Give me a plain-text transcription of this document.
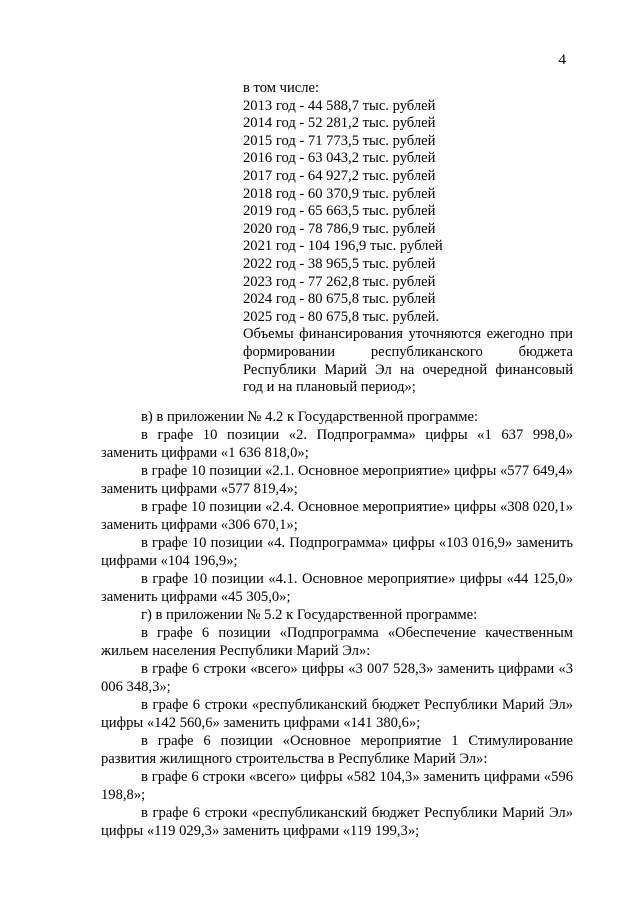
4
в том числе:
2013 год - 44 588,7 тыс. рублей
2014 год - 52 281,2 тыс. рублей
2015 год - 71 773,5 тыс. рублей
2016 год - 63 043,2 тыс. рублей
2017 год - 64 927,2 тыс. рублей
2018 год - 60 370,9 тыс. рублей
2019 год - 65 663,5 тыс. рублей
2020 год - 78 786,9 тыс. рублей
2021 год - 104 196,9 тыс. рублей
2022 год - 38 965,5 тыс. рублей
2023 год - 77 262,8 тыс. рублей
2024 год - 80 675,8 тыс. рублей
2025 год - 80 675,8 тыс. рублей.
Объемы финансирования уточняются ежегодно при формировании республиканского бюджета Республики Марий Эл на очередной финансовый год и на плановый период»;
в) в приложении № 4.2 к Государственной программе:
в графе 10 позиции «2. Подпрограмма» цифры «1 637 998,0» заменить цифрами «1 636 818,0»;
в графе 10 позиции «2.1. Основное мероприятие» цифры «577 649,4» заменить цифрами «577 819,4»;
в графе 10 позиции «2.4. Основное мероприятие» цифры «308 020,1» заменить цифрами «306 670,1»;
в графе 10 позиции «4. Подпрограмма» цифры «103 016,9» заменить цифрами «104 196,9»;
в графе 10 позиции «4.1. Основное мероприятие» цифры «44 125,0» заменить цифрами «45 305,0»;
г) в приложении № 5.2 к Государственной программе:
в графе 6 позиции «Подпрограмма «Обеспечение качественным жильем населения Республики Марий Эл»:
в графе 6 строки «всего» цифры «3 007 528,3» заменить цифрами «3 006 348,3»;
в графе 6 строки «республиканский бюджет Республики Марий Эл» цифры «142 560,6» заменить цифрами «141 380,6»;
в графе 6 позиции «Основное мероприятие 1 Стимулирование развития жилищного строительства в Республике Марий Эл»:
в графе 6 строки «всего» цифры «582 104,3» заменить цифрами «596 198,8»;
в графе 6 строки «республиканский бюджет Республики Марий Эл» цифры «119 029,3» заменить цифрами «119 199,3»;
